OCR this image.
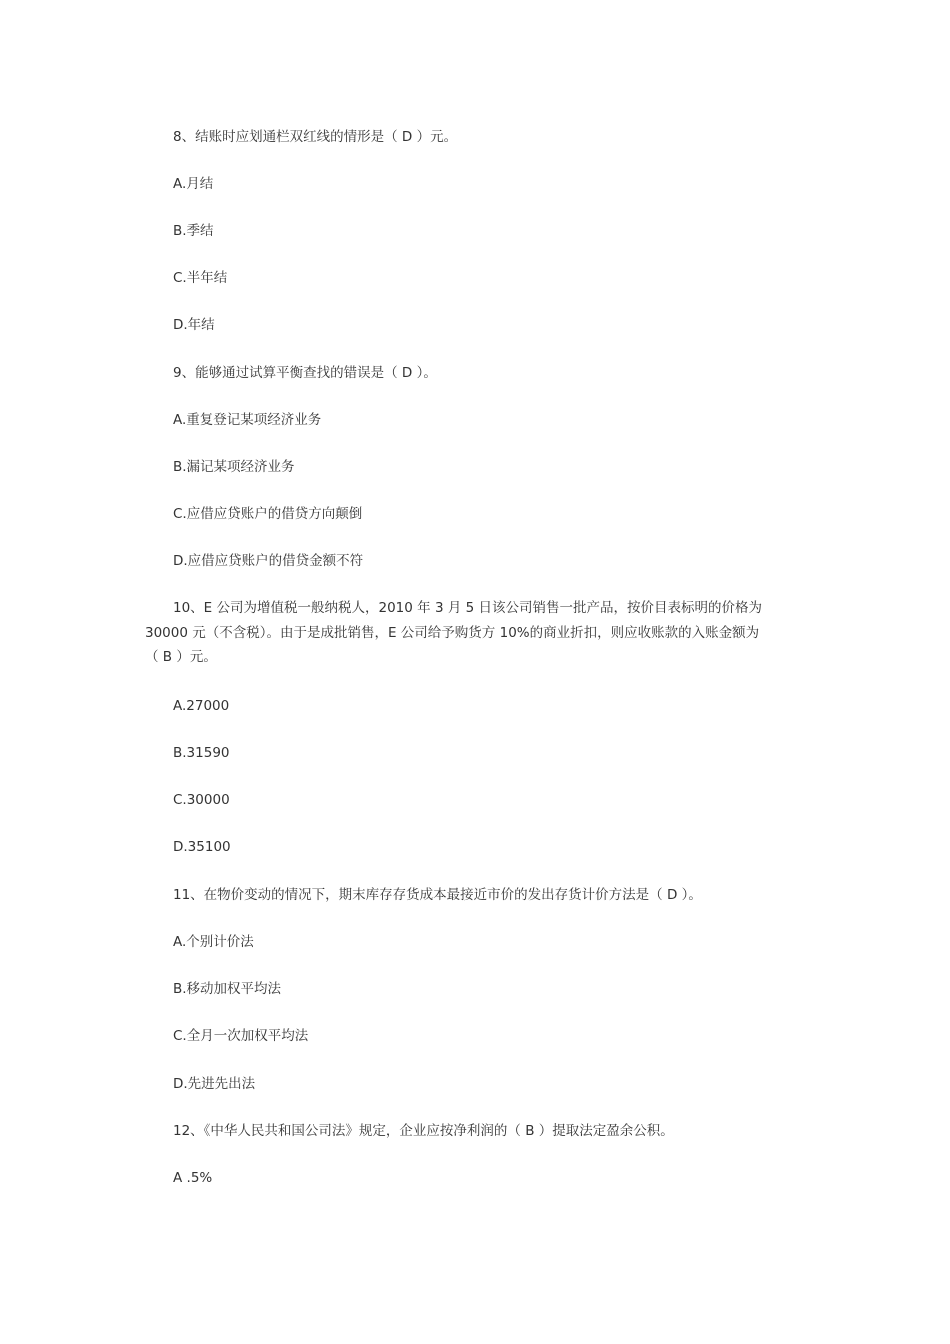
8、结账时应划通栏双红线的情形是（ D ）元。
A.月结
B.季结
C.半年结
D.年结
9、能够通过试算平衡查找的错误是（ D ）。
A.重复登记某项经济业务
B.漏记某项经济业务
C.应借应贷账户的借贷方向颠倒
D.应借应贷账户的借贷金额不符
10、E 公司为增值税一般纳税人，2010 年 3 月 5 日该公司销售一批产品，按价目表标明的价格为
30000 元（不含税）。由于是成批销售，E 公司给予购货方 10%的商业折扣，则应收账款的入账金额为
（ B ）元。
A.27000
B.31590
C.30000
D.35100
11、在物价变动的情况下，期末库存存货成本最接近市价的发出存货计价方法是（ D ）。
A.个别计价法
B.移动加权平均法
C.全月一次加权平均法
D.先进先出法
12、《中华人民共和国公司法》规定，企业应按净利润的（ B ）提取法定盈余公积。
A .5%
